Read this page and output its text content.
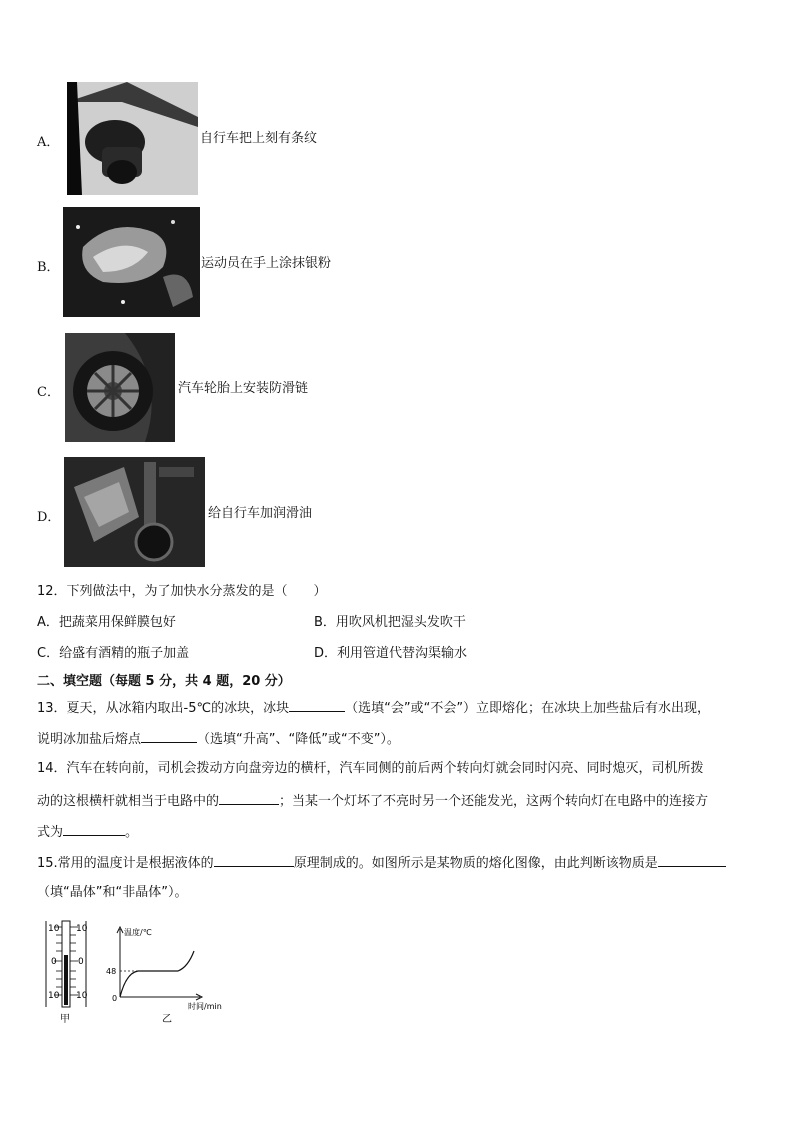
A．	自行车把上刻有条纹
B．	运动员在手上涂抹银粉
C．	汽车轮胎上安装防滑链
D．	给自行车加润滑油
12．下列做法中，为了加快水分蒸发的是（　　）
A．把蔬菜用保鲜膜包好	B．用吹风机把湿头发吹干
C．给盛有酒精的瓶子加盖	D．利用管道代替沟渠输水
二、填空题（每题 5 分，共 4 题，20 分）
13．夏天，从冰箱内取出-5℃的冰块，冰块	（选填“会”或“不会”）立即熔化；在冰块上加些盐后有水出现，
说明冰加盐后熔点	（选填“升高”、“降低”或“不变”）。
14．汽车在转向前，司机会拨动方向盘旁边的横杆，汽车同侧的前后两个转向灯就会同时闪亮、同时熄灭，司机所拨
动的这根横杆就相当于电路中的	；当某一个灯坏了不亮时另一个还能发光，这两个转向灯在电路中的连接方
式为	。
15.常用的温度计是根据液体的	原理制成的。如图所示是某物质的熔化图像，由此判断该物质是
（填“晶体”和“非晶体”）。
10 10
0 0
10 10
甲
温度/℃
48
0
时间/min
乙
